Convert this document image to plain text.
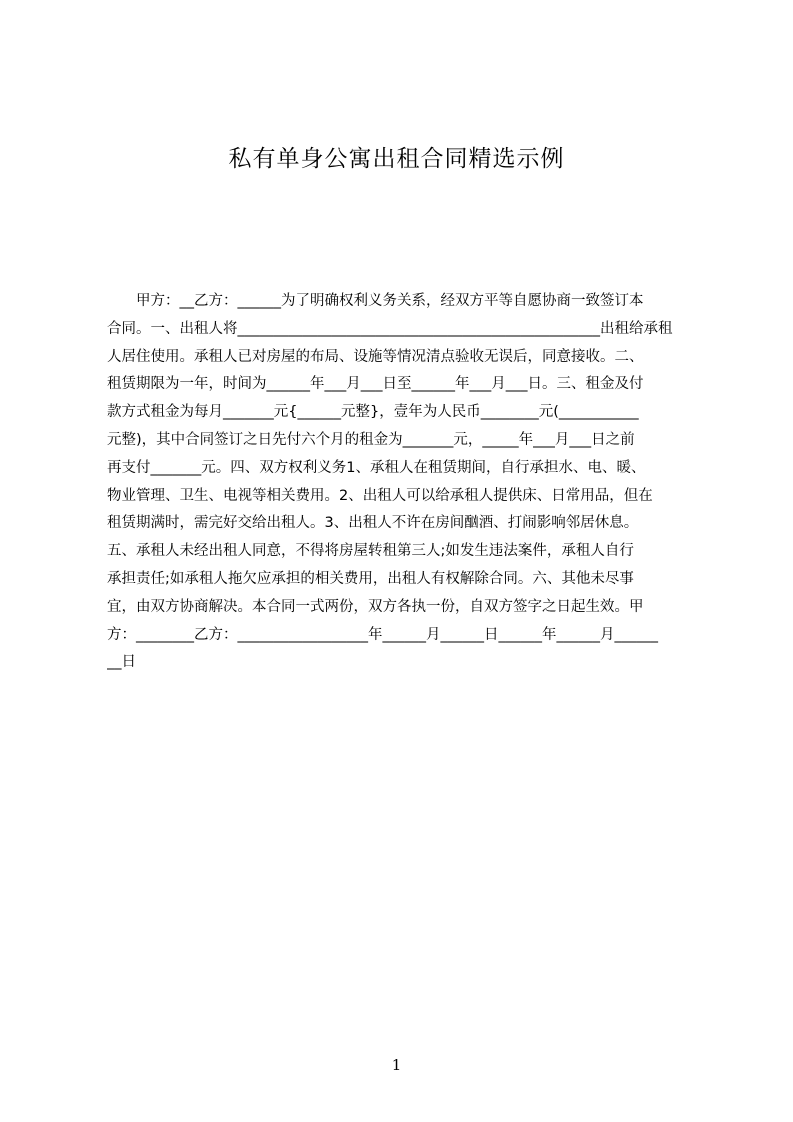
私有单身公寓出租合同精选示例
　　甲方：__乙方：______为了明确权利义务关系，经双方平等自愿协商一致签订本
合同。一、出租人将__________________________________________________出租给承租
人居住使用。承租人已对房屋的布局、设施等情况清点验收无误后，同意接收。二、
租赁期限为一年，时间为______年___月___日至______年___月___日。三、租金及付
款方式租金为每月_______元{______元整}，壹年为人民币________元(___________
元整)，其中合同签订之日先付六个月的租金为_______元，_____年___月___日之前
再支付_______元。四、双方权利义务1、承租人在租赁期间，自行承担水、电、暖、
物业管理、卫生、电视等相关费用。2、出租人可以给承租人提供床、日常用品，但在
租赁期满时，需完好交给出租人。3、出租人不许在房间酗酒、打闹影响邻居休息。
五、承租人未经出租人同意，不得将房屋转租第三人;如发生违法案件，承租人自行
承担责任;如承租人拖欠应承担的相关费用，出租人有权解除合同。六、其他未尽事
宜，由双方协商解决。本合同一式两份，双方各执一份，自双方签字之日起生效。甲
方：________乙方：__________________年______月______日______年______月______
__日
1
